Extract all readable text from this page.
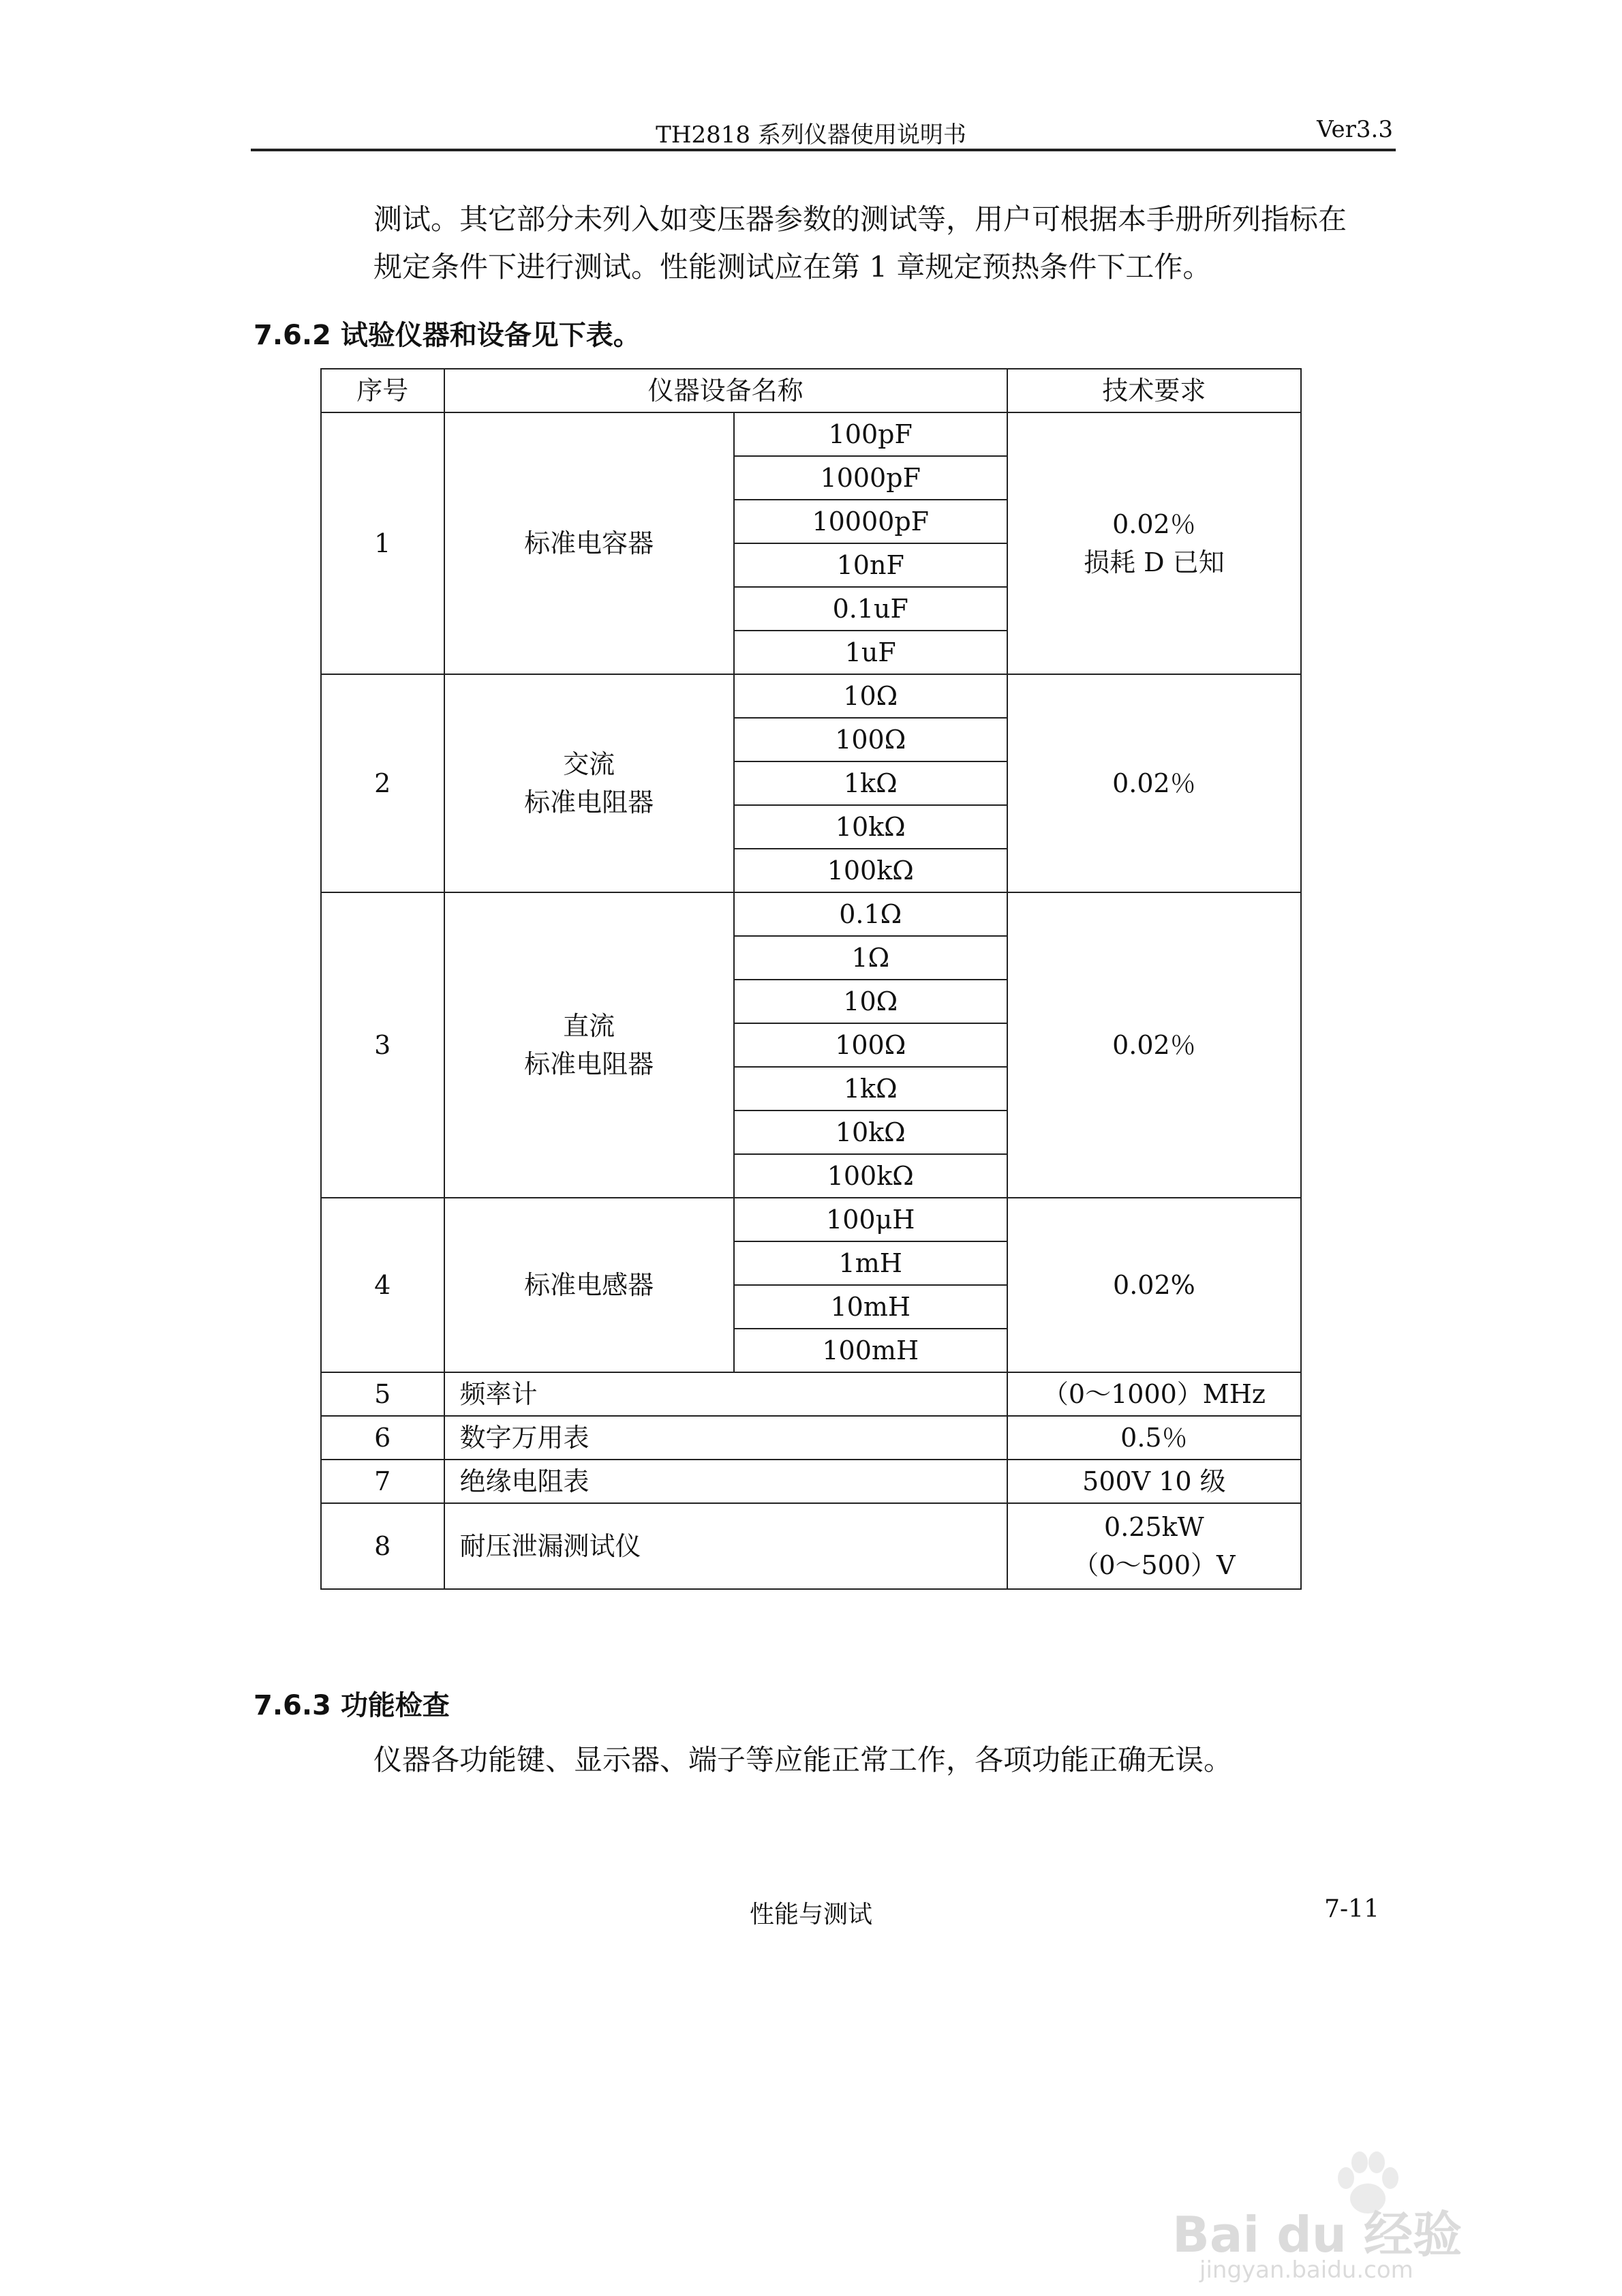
TH2818 系列仪器使用说明书	Ver3.3
测试。其它部分未列入如变压器参数的测试等，用户可根据本手册所列指标在
规定条件下进行测试。性能测试应在第 1 章规定预热条件下工作。
7.6.2 试验仪器和设备见下表。
序号	仪器设备名称		技术要求
1	标准电容器	100pF	0.02％
损耗 D 已知

		1000pF	
		10000pF	
		10nF	
		0.1uF	
		1uF	
2	交流
标准电阻器	10Ω	0.02％
		100Ω	
		1kΩ	
		10kΩ	
		100kΩ	
3	直流
标准电阻器	0.1Ω	0.02％
		1Ω	
		10Ω	
		100Ω	
		1kΩ	
		10kΩ	
		100kΩ	
4	标准电感器	100μH	0.02%
		1mH	
		10mH	
		100mH	
5	频率计		（0～1000）MHz
6	数字万用表		0.5％
7	绝缘电阻表		500V 10 级
8	耐压泄漏测试仪		0.25kW
（0～500）V
7.6.3 功能检查
仪器各功能键、显示器、端子等应能正常工作，各项功能正确无误。
性能与测试	7-11
Bai du 经验
jingyan.baidu.com
